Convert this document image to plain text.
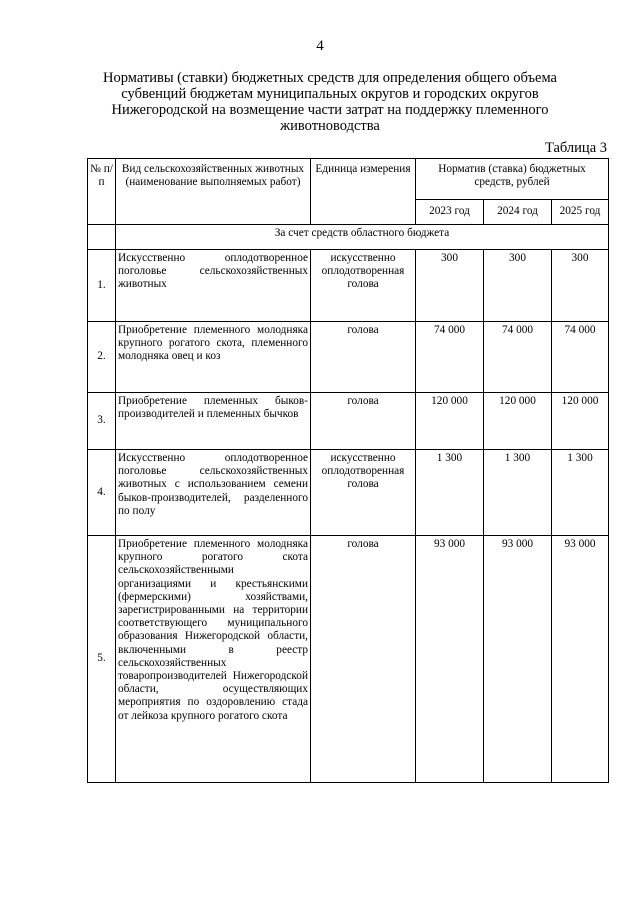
4
Нормативы (ставки) бюджетных средств для определения общего объема субвенций бюджетам муниципальных округов и городских округов Нижегородской на возмещение части затрат на поддержку племенного животноводства
Таблица 3
№ п/п	Вид сельскохозяйственных животных (наименование выполняемых работ)	Единица измерения	Норматив (ставка) бюджетных средств, рублей		
			2023 год	2024 год	2025 год
	За счет средств областного бюджета				
1.	Искусственно оплодотворенное поголовье сельскохозяйственных животных	искусственно оплодотворенная голова	300	300	300
2.	Приобретение племенного молодняка крупного рогатого скота, племенного молодняка овец и коз	голова	74 000	74 000	74 000
3.	Приобретение племенных быков-производителей и племенных бычков	голова	120 000	120 000	120 000
4.	Искусственно оплодотворенное поголовье сельскохозяйственных животных с использованием семени быков-производителей, разделенного по полу	искусственно оплодотворенная голова	1 300	1 300	1 300
5.	Приобретение племенного молодняка крупного рогатого скота сельскохозяйственными организациями и крестьянскими (фермерскими) хозяйствами, зарегистрированными на территории соответствующего муниципального образования Нижегородской области, включенными в реестр сельскохозяйственных товаропроизводителей Нижегородской области, осуществляющих мероприятия по оздоровлению стада от лейкоза крупного рогатого скота	голова	93 000	93 000	93 000
